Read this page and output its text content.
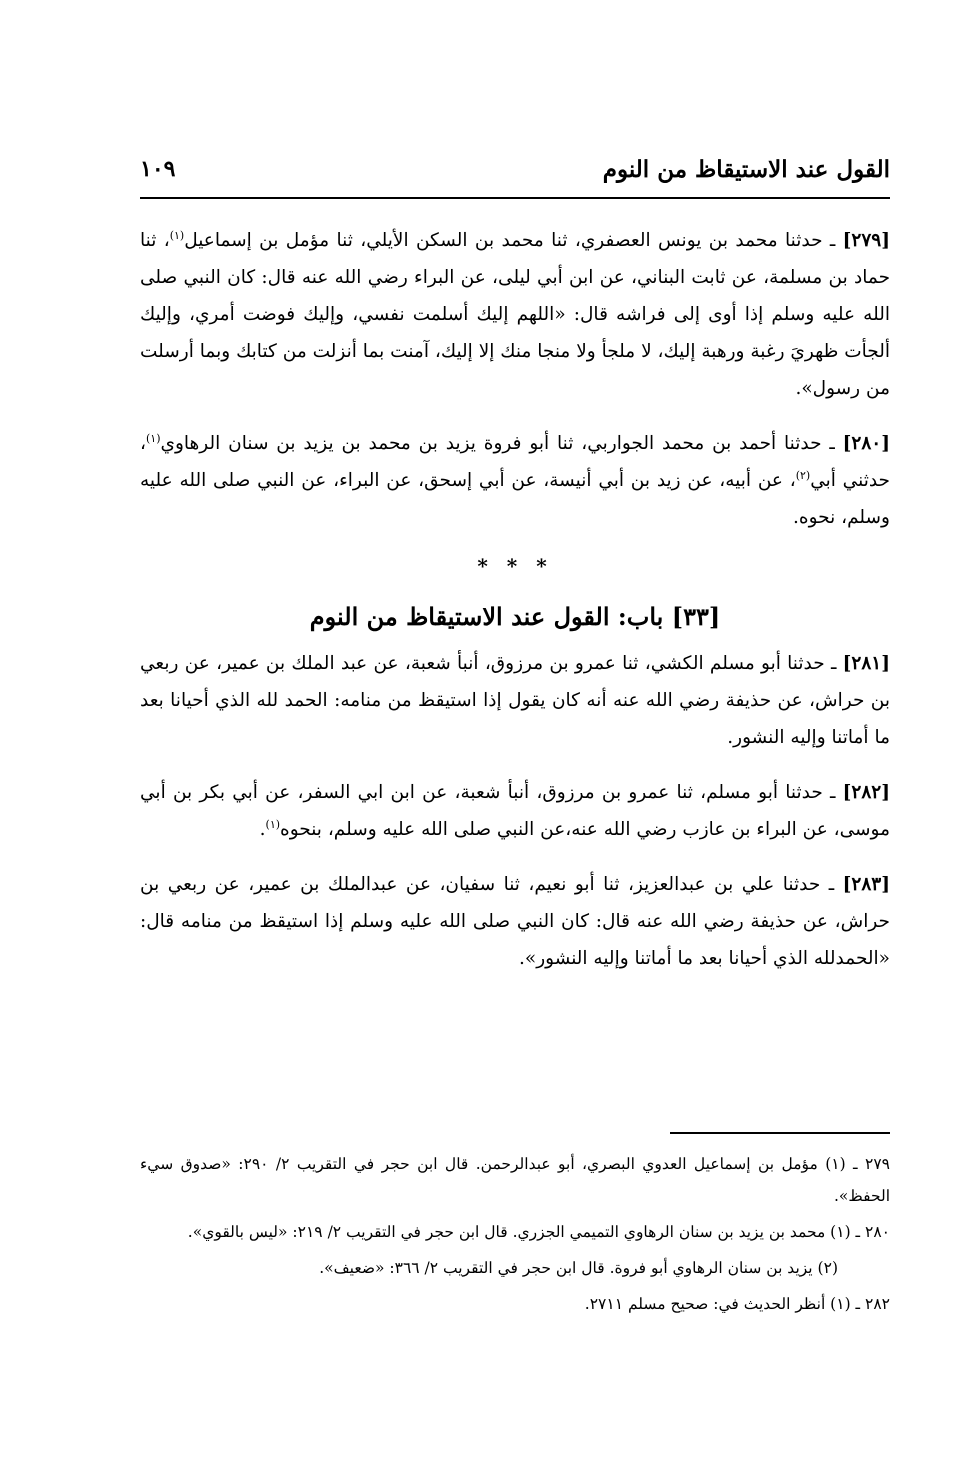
القول عند الاستيقاظ من النوم
١٠٩

[٢٧٩] ـ حدثنا محمد بن يونس العصفري، ثنا محمد بن السكن الأيلي، ثنا مؤمل بن إسماعيل$^{(١)}$، ثنا حماد بن مسلمة، عن ثابت البناني، عن ابن أبي ليلى، عن البراء رضي الله عنه قال: كان النبي صلى الله عليه وسلم إذا أوى إلى فراشه قال: «اللهم إليك أسلمت نفسي، وإليك فوضت أمري، وإليك ألجأت ظهريَ رغبة ورهبة إليك، لا ملجأ ولا منجا منك إلا إليك، آمنت بما أنزلت من كتابك وبما أرسلت من رسول».

[٢٨٠] ـ حدثنا أحمد بن محمد الجواربي، ثنا أبو فروة يزيد بن محمد بن يزيد بن سنان الرهاوي$^{(١)}$، حدثني أبي$^{(٢)}$، عن أبيه، عن زيد بن أبي أنيسة، عن أبي إسحق، عن البراء، عن النبي صلى الله عليه وسلم، نحوه.

* * *
[٣٣] باب: القول عند الاستيقاظ من النوم

[٢٨١] ـ حدثنا أبو مسلم الكشي، ثنا عمرو بن مرزوق، أنبأ شعبة، عن عبد الملك بن عمير، عن ربعي بن حراش، عن حذيفة رضي الله عنه أنه كان يقول إذا استيقظ من منامه: الحمد لله الذي أحيانا بعد ما أماتنا وإليه النشور.

[٢٨٢] ـ حدثنا أبو مسلم، ثنا عمرو بن مرزوق، أنبأ شعبة، عن ابن ابي السفر، عن أبي بكر بن أبي موسى، عن البراء بن عازب رضي الله عنه،عن النبي صلى الله عليه وسلم، بنحوه$^{(١)}$.

[٢٨٣] ـ حدثنا علي بن عبدالعزيز، ثنا أبو نعيم، ثنا سفيان، عن عبدالملك بن عمير، عن ربعي بن حراش، عن حذيفة رضي الله عنه قال: كان النبي صلى الله عليه وسلم إذا استيقظ من منامه قال: «الحمدلله الذي أحيانا بعد ما أماتنا وإليه النشور».

٢٧٩ ـ (١) مؤمل بن إسماعيل العدوي البصري، أبو عبدالرحمن. قال ابن حجر في التقريب ٢/ ٢٩٠: «صدوق سيء الحفظ».

٢٨٠ ـ (١) محمد بن يزيد بن سنان الرهاوي التميمي الجزري. قال ابن حجر في التقريب ٢/ ٢١٩: «ليس بالقوي».

(٢) يزيد بن سنان الرهاوي أبو فروة. قال ابن حجر في التقريب ٢/ ٣٦٦: «ضعيف».

٢٨٢ ـ (١) أنظر الحديث في: صحيح مسلم ٢٧١١.
